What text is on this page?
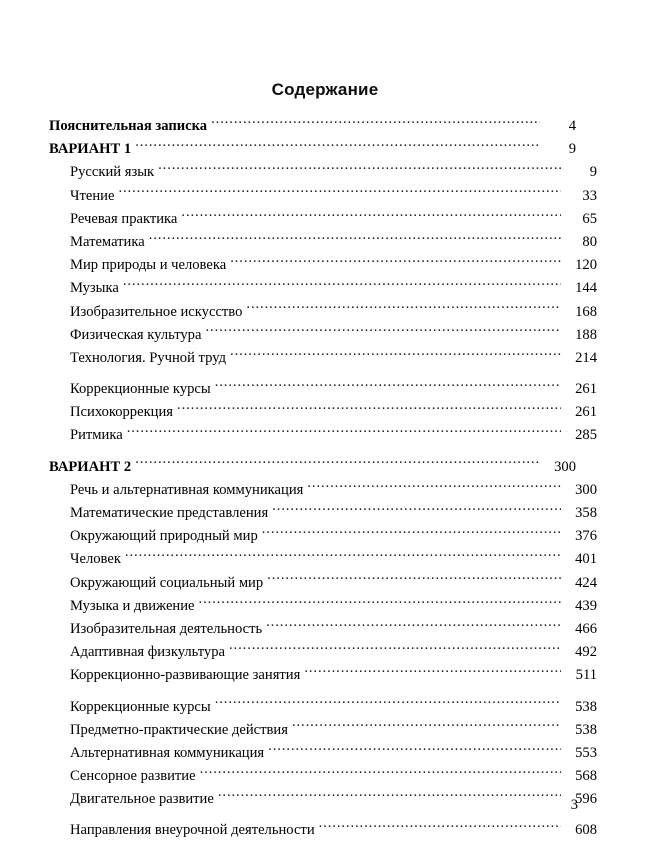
Содержание
Пояснительная записка .....	4
ВАРИАНТ 1 .....	9
Русский язык .....	9
Чтение .....	33
Речевая практика .....	65
Математика .....	80
Мир природы и человека .....	120
Музыка .....	144
Изобразительное искусство .....	168
Физическая культура .....	188
Технология. Ручной труд .....	214
Коррекционные курсы .....	261
Психокоррекция .....	261
Ритмика .....	285
ВАРИАНТ 2 .....	300
Речь и альтернативная коммуникация .....	300
Математические представления .....	358
Окружающий природный мир .....	376
Человек .....	401
Окружающий социальный мир .....	424
Музыка и движение .....	439
Изобразительная деятельность .....	466
Адаптивная физкультура .....	492
Коррекционно-развивающие занятия .....	511
Коррекционные курсы .....	538
Предметно-практические действия .....	538
Альтернативная коммуникация .....	553
Сенсорное развитие .....	568
Двигательное развитие .....	596
Направления внеурочной деятельности .....	608
3
